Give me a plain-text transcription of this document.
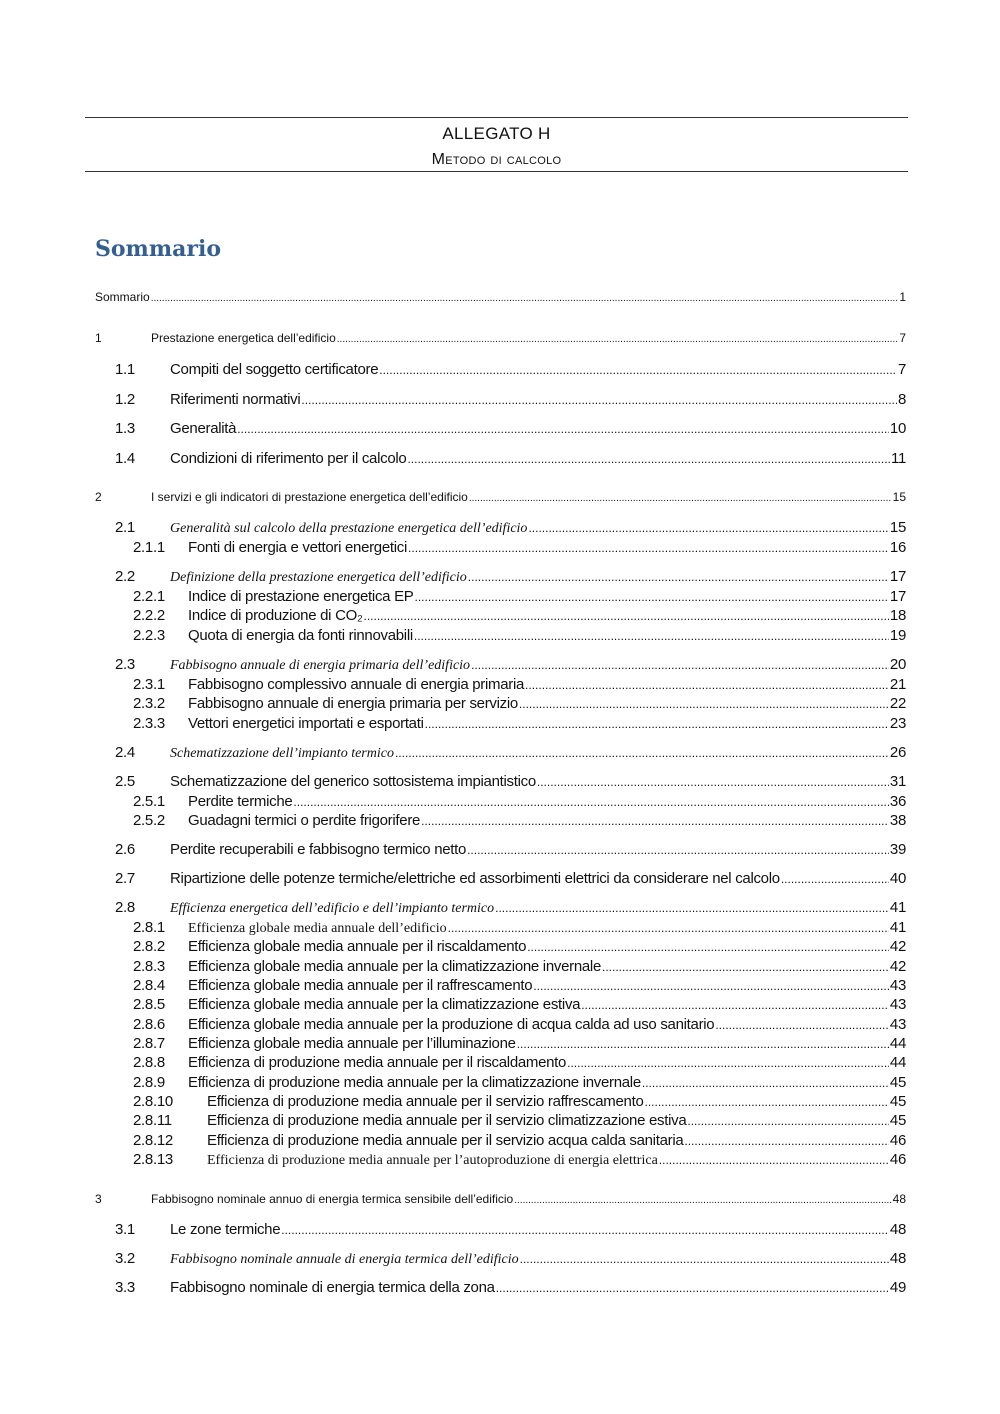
ALLEGATO H
Metodo di calcolo
Sommario
Sommario .....	1
1	Prestazione energetica dell’edificio .....	7
1.1	Compiti del soggetto certificatore .....	7
1.2	Riferimenti normativi .....	8
1.3	Generalità .....	10
1.4	Condizioni di riferimento per il calcolo .....	11
2	I servizi e gli indicatori di prestazione energetica dell’edificio .....	15
2.1	Generalità sul calcolo della prestazione energetica dell’edificio .....	15
2.1.1	Fonti di energia e vettori energetici .....	16
2.2	Definizione della prestazione energetica dell’edificio .....	17
2.2.1	Indice di prestazione energetica EP .....	17
2.2.2	Indice di produzione di CO₂ .....	18
2.2.3	Quota di energia da fonti rinnovabili .....	19
2.3	Fabbisogno annuale di energia primaria dell’edificio .....	20
2.3.1	Fabbisogno complessivo annuale di energia primaria .....	21
2.3.2	Fabbisogno annuale di energia primaria per servizio .....	22
2.3.3	Vettori energetici importati e esportati .....	23
2.4	Schematizzazione dell’impianto termico .....	26
2.5	Schematizzazione del generico sottosistema impiantistico .....	31
2.5.1	Perdite termiche .....	36
2.5.2	Guadagni termici o perdite frigorifere .....	38
2.6	Perdite recuperabili e fabbisogno termico netto .....	39
2.7	Ripartizione delle potenze termiche/elettriche ed assorbimenti elettrici da considerare nel calcolo .....	40
2.8	Efficienza energetica dell’edificio e dell’impianto termico .....	41
2.8.1	Efficienza globale media annuale dell’edificio .....	41
2.8.2	Efficienza globale media annuale per il riscaldamento .....	42
2.8.3	Efficienza globale media annuale per la climatizzazione invernale .....	42
2.8.4	Efficienza globale media annuale per il raffrescamento .....	43
2.8.5	Efficienza globale media annuale per la climatizzazione estiva .....	43
2.8.6	Efficienza globale media annuale per la produzione di acqua calda ad uso sanitario .....	43
2.8.7	Efficienza globale media annuale per l’illuminazione .....	44
2.8.8	Efficienza di produzione media annuale per il riscaldamento .....	44
2.8.9	Efficienza di produzione media annuale per la climatizzazione invernale .....	45
2.8.10	Efficienza di produzione media annuale per il servizio raffrescamento .....	45
2.8.11	Efficienza di produzione media annuale per il servizio climatizzazione estiva .....	45
2.8.12	Efficienza di produzione media annuale per il servizio acqua calda sanitaria .....	46
2.8.13	Efficienza di produzione media annuale per l’autoproduzione di energia elettrica .....	46
3	Fabbisogno nominale annuo di energia termica sensibile dell’edificio .....	48
3.1	Le zone termiche .....	48
3.2	Fabbisogno nominale annuale di energia termica dell’edificio .....	48
3.3	Fabbisogno nominale di energia termica della zona .....	49
